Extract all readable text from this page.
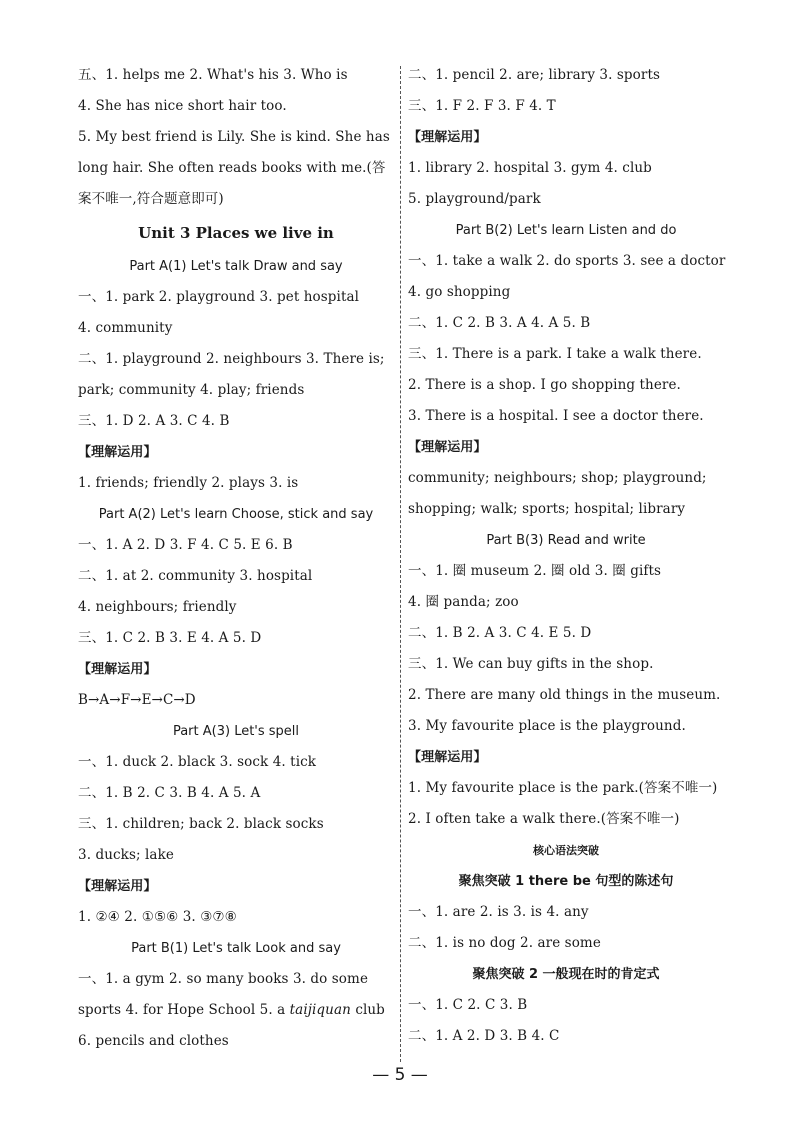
五、1. helps me 2. What's his 3. Who is
4. She has nice short hair too.
5. My best friend is Lily. She is kind. She has
long hair. She often reads books with me.(答
案不唯一,符合题意即可)
Unit 3 Places we live in
Part A(1) Let's talk Draw and say
一、1. park 2. playground 3. pet hospital
4. community
二、1. playground 2. neighbours 3. There is;
park; community 4. play; friends
三、1. D 2. A 3. C 4. B
【理解运用】
1. friends; friendly 2. plays 3. is
Part A(2) Let's learn Choose, stick and say
一、1. A 2. D 3. F 4. C 5. E 6. B
二、1. at 2. community 3. hospital
4. neighbours; friendly
三、1. C 2. B 3. E 4. A 5. D
【理解运用】
B→A→F→E→C→D
Part A(3) Let's spell
一、1. duck 2. black 3. sock 4. tick
二、1. B 2. C 3. B 4. A 5. A
三、1. children; back 2. black socks
3. ducks; lake
【理解运用】
1. ②④ 2. ①⑤⑥ 3. ③⑦⑧
Part B(1) Let's talk Look and say
一、1. a gym 2. so many books 3. do some
sports 4. for Hope School 5. a taijiquan club
6. pencils and clothes
二、1. pencil 2. are; library 3. sports
三、1. F 2. F 3. F 4. T
【理解运用】
1. library 2. hospital 3. gym 4. club
5. playground/park
Part B(2) Let's learn Listen and do
一、1. take a walk 2. do sports 3. see a doctor
4. go shopping
二、1. C 2. B 3. A 4. A 5. B
三、1. There is a park. I take a walk there.
2. There is a shop. I go shopping there.
3. There is a hospital. I see a doctor there.
【理解运用】
community; neighbours; shop; playground;
shopping; walk; sports; hospital; library
Part B(3) Read and write
一、1. 圈 museum 2. 圈 old 3. 圈 gifts
4. 圈 panda; zoo
二、1. B 2. A 3. C 4. E 5. D
三、1. We can buy gifts in the shop.
2. There are many old things in the museum.
3. My favourite place is the playground.
【理解运用】
1. My favourite place is the park.(答案不唯一)
2. I often take a walk there.(答案不唯一)
核心语法突破
聚焦突破 1 there be 句型的陈述句
一、1. are 2. is 3. is 4. any
二、1. is no dog 2. are some
聚焦突破 2 一般现在时的肯定式
一、1. C 2. C 3. B
二、1. A 2. D 3. B 4. C
— 5 —
